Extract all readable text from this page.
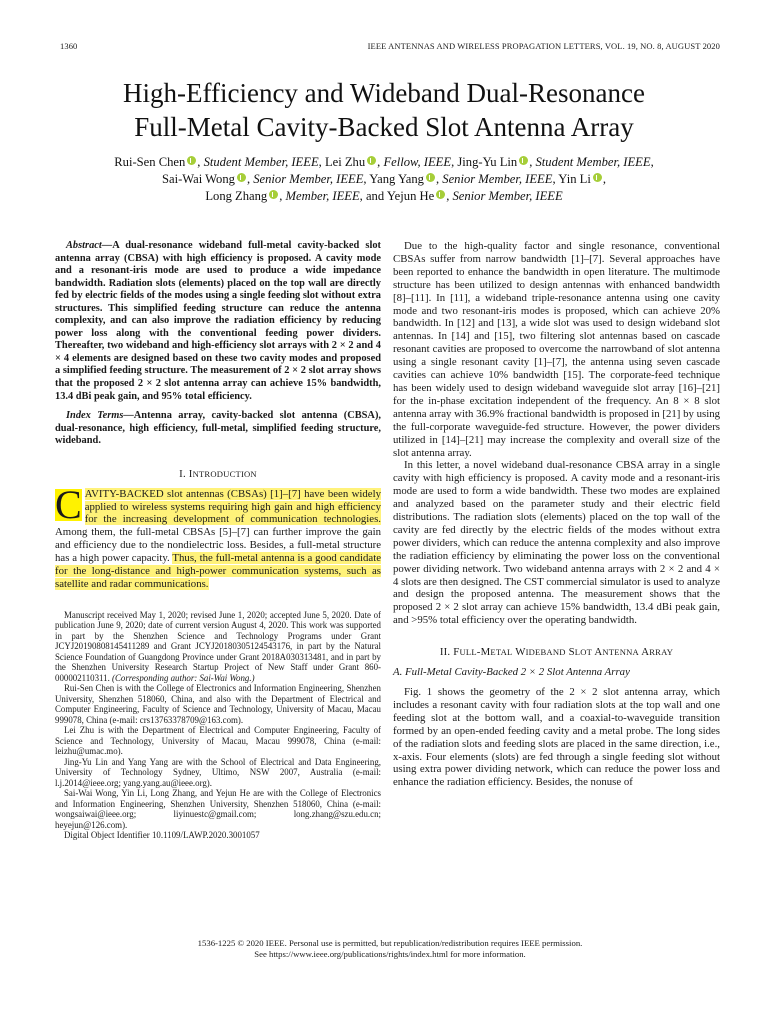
1360	IEEE ANTENNAS AND WIRELESS PROPAGATION LETTERS, VOL. 19, NO. 8, AUGUST 2020
High-Efficiency and Wideband Dual-Resonance
Full-Metal Cavity-Backed Slot Antenna Array
Rui-Sen Chen , Student Member, IEEE, Lei Zhu , Fellow, IEEE, Jing-Yu Lin , Student Member, IEEE,
Sai-Wai Wong , Senior Member, IEEE, Yang Yang , Senior Member, IEEE, Yin Li ,
Long Zhang , Member, IEEE, and Yejun He , Senior Member, IEEE

Abstract—A dual-resonance wideband full-metal cavity-backed slot antenna array (CBSA) with high efficiency is proposed. A cavity mode and a resonant-iris mode are used to produce a wide impedance bandwidth. Radiation slots (elements) placed on the top wall are directly fed by electric fields of the modes using a single feeding slot without extra structures. This simplified feeding structure can reduce the antenna complexity, and can also improve the radiation efficiency by reducing power loss along with the conventional feeding power dividers. Thereafter, two wideband and high-efficiency slot arrays with 2 × 2 and 4 × 4 elements are designed based on these two cavity modes and proposed a simplified feeding structure. The measurement of 2 × 2 slot array shows that the proposed 2 × 2 slot antenna array can achieve 15% bandwidth, 13.4 dBi peak gain, and 95% total efficiency.

Index Terms—Antenna array, cavity-backed slot antenna (CBSA), dual-resonance, high efficiency, full-metal, simplified feeding structure, wideband.

I. INTRODUCTION

C AVITY-BACKED slot antennas (CBSAs) [1]–[7] have been widely applied to wireless systems requiring high gain and high efficiency for the increasing development of communication technologies. Among them, the full-metal CBSAs [5]–[7] can further improve the gain and efficiency due to the nondielectric loss. Besides, a full-metal structure has a high power capacity. Thus, the full-metal antenna is a good candidate for the long-distance and high-power communication systems, such as satellite and radar communications.

Manuscript received May 1, 2020; revised June 1, 2020; accepted June 5, 2020. Date of publication June 9, 2020; date of current version August 4, 2020. This work was supported in part by the Shenzhen Science and Technology Programs under Grant JCYJ20190808145411289 and Grant JCYJ20180305124543176, in part by the Natural Science Foundation of Guangdong Province under Grant 2018A030313481, and in part by the Shenzhen University Research Startup Project of New Staff under Grant 860-000002110311. (Corresponding author: Sai-Wai Wong.)

Rui-Sen Chen is with the College of Electronics and Information Engineering, Shenzhen University, Shenzhen 518060, China, and also with the Department of Electrical and Computer Engineering, Faculty of Science and Technology, University of Macau, Macau 999078, China (e-mail: crs13763378709@163.com).

Lei Zhu is with the Department of Electrical and Computer Engineering, Faculty of Science and Technology, University of Macau, Macau 999078, China (e-mail: leizhu@umac.mo).

Jing-Yu Lin and Yang Yang are with the School of Electrical and Data Engineering, University of Technology Sydney, Ultimo, NSW 2007, Australia (e-mail: l.j.2014@ieee.org; yang.yang.au@ieee.org).

Sai-Wai Wong, Yin Li, Long Zhang, and Yejun He are with the College of Electronics and Information Engineering, Shenzhen University, Shenzhen 518060, China (e-mail: wongsaiwai@ieee.org; liyinuestc@gmail.com; long.zhang@szu.edu.cn; heyejun@126.com).

Digital Object Identifier 10.1109/LAWP.2020.3001057

Due to the high-quality factor and single resonance, conventional CBSAs suffer from narrow bandwidth [1]–[7]. Several approaches have been reported to enhance the bandwidth in open literature. The multimode structure has been utilized to design antennas with enhanced bandwidth [8]–[11]. In [11], a wideband triple-resonance antenna using one cavity mode and two resonant-iris modes is proposed, which can achieve 20% bandwidth. In [12] and [13], a wide slot was used to design wideband slot antennas. In [14] and [15], two filtering slot antennas based on cascade resonant cavities are proposed to overcome the narrowband of slot antenna using a single resonant cavity [1]–[7], the antenna using seven cascade cavities can achieve 10% bandwidth [15]. The corporate-feed technique has been widely used to design wideband waveguide slot array [16]–[21] for the in-phase excitation independent of the frequency. An 8 × 8 slot antenna array with 36.9% fractional bandwidth is proposed in [21] by using the full-corporate waveguide-fed structure. However, the power dividers utilized in [14]–[21] may increase the complexity and overall size of the slot antenna array.

In this letter, a novel wideband dual-resonance CBSA array in a single cavity with high efficiency is proposed. A cavity mode and a resonant-iris mode are used to form a wide bandwidth. These two modes are explained and analyzed based on the parameter study and their electric field distributions. The radiation slots (elements) placed on the top wall of the cavity are fed directly by the electric fields of the modes without extra power dividers, which can reduce the antenna complexity and also improve the radiation efficiency by eliminating the power loss on the conventional power dividing network. Two wideband antenna arrays with 2 × 2 and 4 × 4 slots are then designed. The CST commercial simulator is used to analyze and design the proposed antenna. The measurement shows that the proposed 2 × 2 slot array can achieve 15% bandwidth, 13.4 dBi peak gain, and >95% total efficiency over the operating bandwidth.

II. FULL-METAL WIDEBAND SLOT ANTENNA ARRAY
A. Full-Metal Cavity-Backed 2 × 2 Slot Antenna Array

Fig. 1 shows the geometry of the 2 × 2 slot antenna array, which includes a resonant cavity with four radiation slots at the top wall and one feeding slot at the bottom wall, and a coaxial-to-waveguide transition formed by an open-ended feeding cavity and a metal probe. The long sides of the radiation slots and feeding slots are placed in the same direction, i.e., x-axis. Four elements (slots) are fed through a single feeding slot without using extra power dividing network, which can reduce the power loss and enhance the radiation efficiency. Besides, the nonuse of

1536-1225 © 2020 IEEE. Personal use is permitted, but republication/redistribution requires IEEE permission.
See https://www.ieee.org/publications/rights/index.html for more information.
